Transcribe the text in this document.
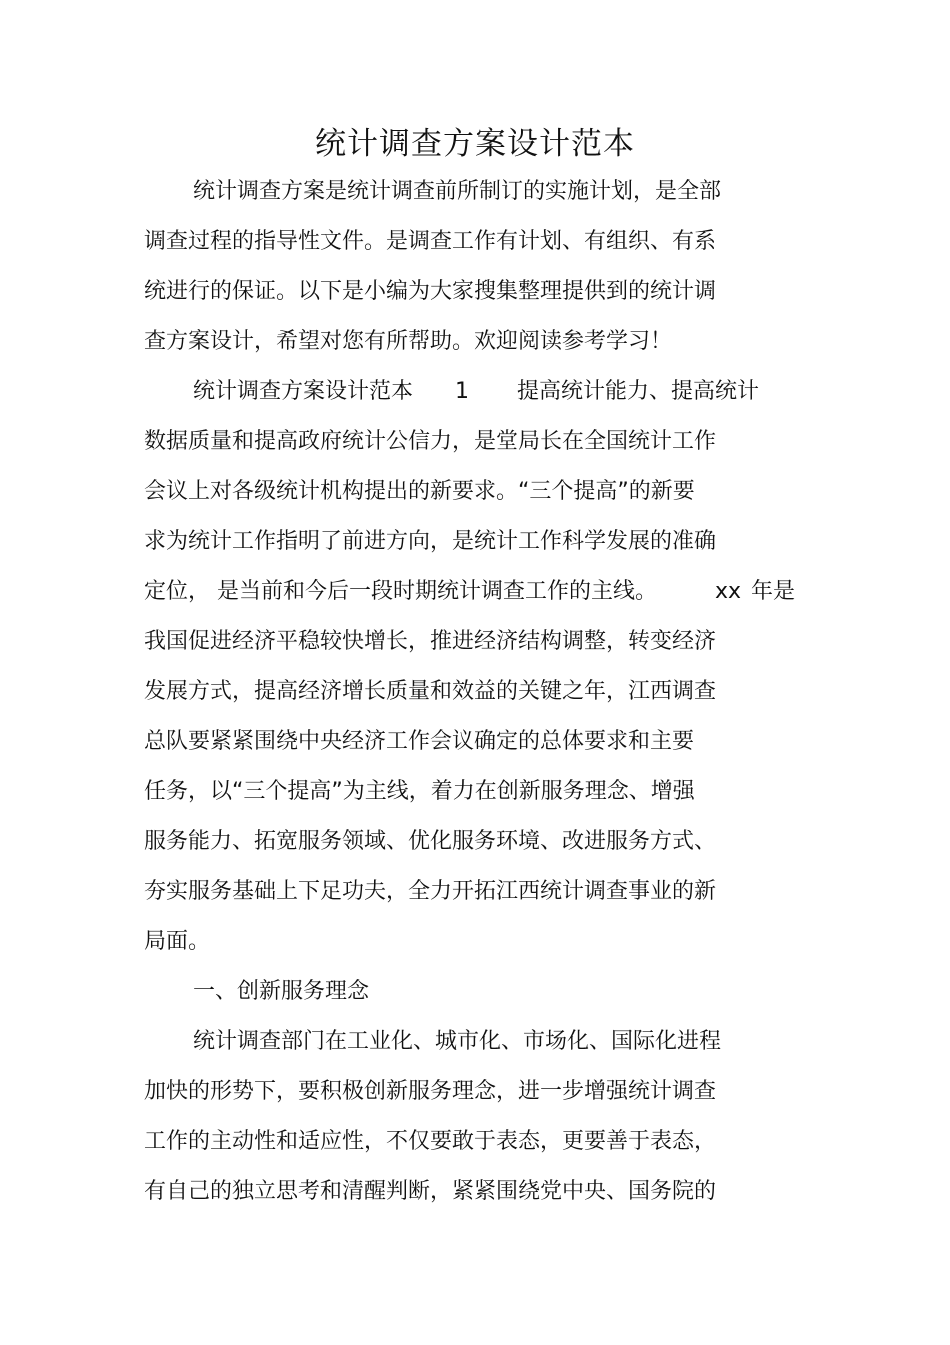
统计调查方案设计范本

统计调查方案是统计调查前所制订的实施计划，是全部

调查过程的指导性文件。是调查工作有计划、有组织、有系

统进行的保证。以下是小编为大家搜集整理提供到的统计调

查方案设计，希望对您有所帮助。欢迎阅读参考学习！

统计调查方案设计范本 1 提高统计能力、提高统计

数据质量和提高政府统计公信力，是堂局长在全国统计工作

会议上对各级统计机构提出的新要求。“三个提高”的新要

求为统计工作指明了前进方向，是统计工作科学发展的准确

定位， 是当前和今后一段时期统计调查工作的主线。	xx 年是

我国促进经济平稳较快增长，推进经济结构调整，转变经济

发展方式，提高经济增长质量和效益的关键之年，江西调查

总队要紧紧围绕中央经济工作会议确定的总体要求和主要

任务，以“三个提高”为主线，着力在创新服务理念、增强

服务能力、拓宽服务领域、优化服务环境、改进服务方式、

夯实服务基础上下足功夫，全力开拓江西统计调查事业的新

局面。

一、创新服务理念

统计调查部门在工业化、城市化、市场化、国际化进程

加快的形势下，要积极创新服务理念，进一步增强统计调查

工作的主动性和适应性，不仅要敢于表态，更要善于表态，

有自己的独立思考和清醒判断，紧紧围绕党中央、国务院的
